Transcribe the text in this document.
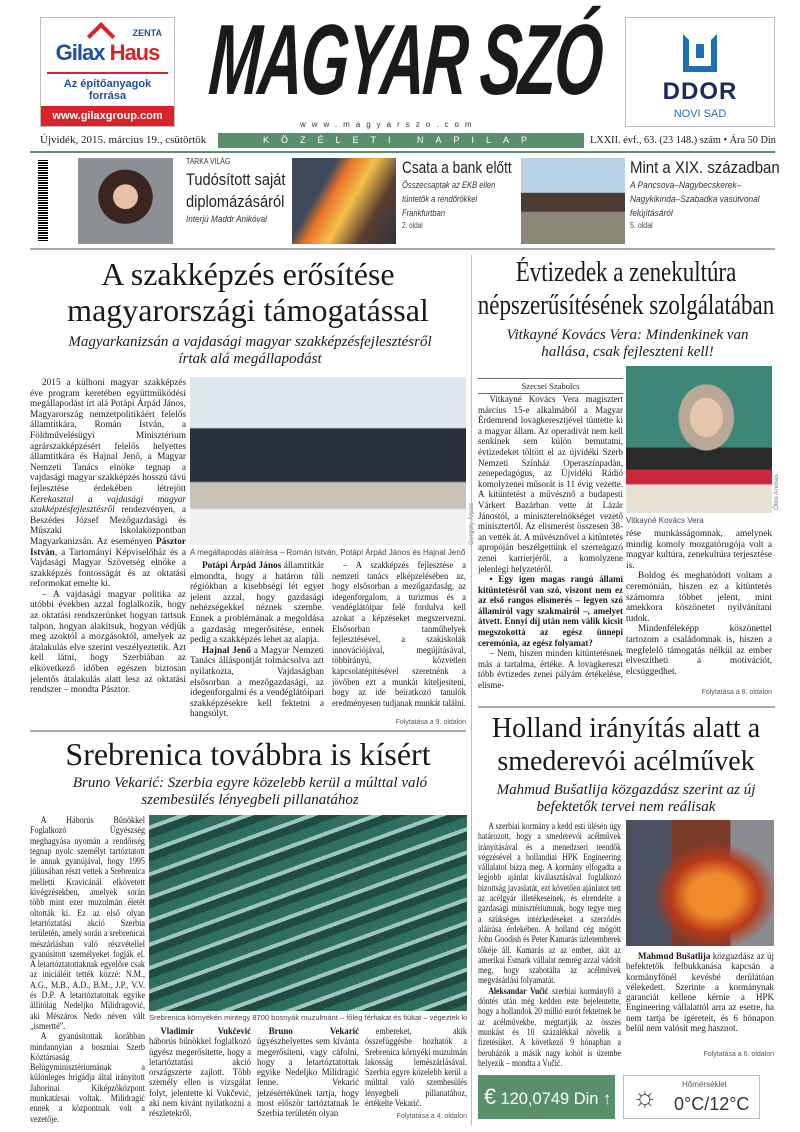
ZENTA
Gilax Haus
Az építőanyagok forrása
www.gilaxgroup.com MAGYAR SZÓ	DDOR
NOVI SAD
www.magyarszo.com
Újvidék, 2015. március 19., csütörtök	KÖZÉLETI NAPILAP	LXXII. évf., 63. (23 148.) szám • Ára 50 Din
TARKA VILÁG
Tudósított saját diplomázásáról
Interjú Maddr Anikóval
Csata a bank előtt
Összecsaptak az EKB ellen tüntetők a rendőrökkel Frankfurtban
2. oldal
Mint a XIX. században
A Pancsova–Nagybecskerek–Nagykikinda–Szabadka vasútvonal felújításáról
5. oldal
A szakképzés erősítése magyarországi támogatással
Magyarkanizsán a vajdasági magyar szakképzésfejlesztésről írtak alá megállapodást

2015 a külhoni magyar szakképzés éve program keretében együttműködési megállapodást írt alá Potápi Árpád János, Magyarország nemzetpolitikáért felelős államtitkára, Román István, a Földművelésügyi Minisztérium agrárszakképzésért felelős helyettes államtitkára és Hajnal Jenő, a Magyar Nemzeti Tanács elnöke tegnap a vajdasági magyar szakképzés hosszú távú fejlesztése érdekében létrejött Kerekasztal a vajdasági magyar szakképzésfejlesztésről rendezvényen, a Beszédes József Mezőgazdasági és Műszaki Iskolaközpontban Magyarkanizsán. Az eseményen Pásztor István, a Tartományi Képviselőház és a Vajdasági Magyar Szövetség elnöke a szakképzés fontosságát és az oktatási reformokat emelte ki.

– A vajdasági magyar politika az utóbbi években azzal foglalkozik, hogy az oktatási rendszerünket hogyan tartsuk talpon, hogyan alakítsuk, hogyan védjük meg azoktól a mozgásoktól, amelyek az átalakulás elve szerint veszélyeztetik. Azt kell látni, hogy Szerbiában az elkövetkező időben egészen biztosan jelentős átalakulás alatt lesz az oktatási rendszer – mondta Pásztor.

A megállapodás aláírása – Román István, Potápi Árpád János és Hajnal Jenő
Gergely Árpád

Potápi Árpád János államtitkár elmondta, hogy a határon túli régiókban a kisebbségi lét egyet jelent azzal, hogy gazdasági nehézségekkel néznek szembe. Ennek a problémának a megoldása a gazdaság megerősítése, ennek pedig a szakképzés lehet az alapja.

Hajnal Jenő a Magyar Nemzeti Tanács álláspontját tolmácsolva azt nyilatkozta, Vajdaságban elsősorban a mezőgazdasági, az idegenforgalmi és a vendéglátóipari szakképzésekre kell fektetni a hangsúlyt.

– A szakképzés fejlesztése a nemzeti tanács elképzelésében az, hogy elsősorban a mezőgazdaság, az idegenforgalom, a turizmus és a vendéglátóipar felé fordulva kell azokat a képzéseket megszervezni. Elsősorban tanműhelyek fejlesztésével, a szakiskolák innovációjával, megújításával, többirányú, közvetlen kapcsolatépítésével szeretnénk a jövőben ezt a munkát kiteljesíteni, hogy az ide beiratkozó tanulók eredményesen tudjanak munkát találni.

Folytatása a 9. oldalon
Évtizedek a zenekultúra népszerűsítésének szolgálatában
Vitkayné Kovács Vera: Mindenkinek van hallása, csak fejleszteni kell!
Szecsei Szabolcs

Vitkayné Kovács Vera magisztert március 15-e alkalmából a Magyar Érdemrend lovagkeresztjével tüntette ki a magyar állam. Az operadivát nem kell senkinek sem külön bemutatni, évtizedeket töltött el az újvidéki Szerb Nemzeti Színház Operaszínpadán, zenepedagógus, az Újvidéki Rádió komolyzenei műsorát is 11 évig vezette. A kitüntetést a művésznő a budapesti Várkert Bazárban vette át Lázár Jánostól, a miniszterelnökséget vezető minisztertől. Az elismerést összesen 38-an vették át. A művésznővel a kitüntetés apropóján beszélgettünk el szerteágazó zenei karrierjéről, a komolyzene jelenlegi helyzetéről.

• Egy igen magas rangú állami kitüntetésről van szó, viszont nem ez az első rangos elismerés – legyen szó államiról vagy szakmairól –, amelyet átvett. Ennyi díj után nem válik kicsit megszokottá az egész ünnepi ceremónia, az egész folyamat?

– Nem, hiszen minden kitüntetésnek más a tartalma, értéke. A lovagkereszt több évtizedes zenei pályám értékelése, elisme-

Ótos András
Vitkayné Kovács Vera

rése munkásságomnak, amelynek mindig komoly mozgatórugója volt a magyar kultúra, zenekultúra terjesztése is.

Boldog és meghatódott voltam a ceremónián, hiszen ez a kitüntetés számomra többet jelent, mint amekkora köszönetet nyilvánítani tudok.

Mindenféleképp köszönettel tartozom a családomnak is, hiszen a megfelelő támogatás nélkül az ember elveszítheti a motivációt, elcsüggedhet.

Folytatása a 8. oldalon
Srebrenica továbbra is kísért
Bruno Vekarić: Szerbia egyre közelebb kerül a múlttal való szembesülés lényegbeli pillanatához

A Háborús Bűnökkel Foglalkozó Ügyészség meghagyása nyomán a rendőrség tegnap nyolc személyt tartóztatott le annak gyanújával, hogy 1995 júliusában részt vettek a Srebrenica melletti Kravicánál elkövetett kivégzésekben, amelyek során több mint ezer muzulmán életét oltották ki. Ez az első olyan letartóztatási akció Szerbia területén, amely során a srebrenicai mészárlásban való részvétellel gyanúsított személyeket fogják el. A letartóztatottaknak egyelőre csak az iniciáléit tették közzé: N.M., A.G., M.B., A.D., B.M., J.P., V.V. és D.P. A letartóztatottak egyike állítólag Nedeljko Milidragović, aki Mészáros Nedo néven vált „ismertté”.

A gyanúsítottak korábban mindannyian a boszniai Szerb Köztársaság Belügyminisztériumának a különleges brigádja által irányított Jahorinai Kiképzőközpont munkatársai voltak. Milidragić ennek a központnak volt a vezetője.

Srebrenica környékén mintegy 8700 bosnyák muzulmánt – főleg férfiakat és fiúkat – végeztek ki

Vladimir Vukčević háborús bűnökkel foglalkozó ügyész megerősítette, hogy a letartóztatási akció országszerte zajlott. Több személy ellen is vizsgálat folyt, jelentette ki Vukčević, aki nem kívánt nyilatkozni a részletekről.

Bruno Vekarić ügyészhelyettes sem kívánta megerősíteni, vagy cáfolni, hogy a letartóztatottak egyike Nedeljko Milidragić lenne. Vekarić jelzésértékűnek tartja, hogy most először tartóztatnak le Szerbia területén olyan

embereket, akik összefüggésbe hozhatók a Srebrenica környéki muzulmán lakosság lemészárlásával. Szerbia egyre közelebb kerül a múlttal való szembesülés lényegbeli pillanatához, értékelte Vekarić.

Folytatása a 4. oldalon
Holland irányítás alatt a smederevói acélművek
Mahmud Bušatlija közgazdász szerint az új befektetők tervei nem reálisak

A szerbiai kormány a kedd esti ülésén úgy határozott, hogy a smederevói acélművek irányításával és a menedzseri teendők végzésével a hollandiai HPK Engineering vállalatot bízza meg. A kormány elfogadta a legjobb ajánlat kiválasztásával foglalkozó bizottság javaslatát, ezt követően ajánlatot tett az acélgyár illetékeseinek, és elrendelte a gazdasági minisztériumnak, hogy tegye meg a szükséges intézkedéseket a szerződés aláírása érdekében. A holland cég mögött John Goodish és Peter Kamarás üzletemberek tőkéje áll. Kamarás az az ember, akit az amerikai Esmark vállalat nemrég azzal vádolt meg, hogy szabotálta az acélművek megvásárlási folyamatát.

Aleksandar Vučić szerbiai kormányfő a döntés után még kedden este bejelentette, hogy a hollandok 20 millió eurót fektetnek be az acélművekbe, megtartják az összes munkást és 10 százalékkal növelik a fizetésüket. A következő 9 hónapban a beruházók a másik nagy kohót is üzembe helyezik – mondta a Vučić.

Mahmud Bušatlija közgazdász az új befektetők felbukkanása kapcsán a kormányfőnél kevésbé derűlátóan vélekedett. Szerinte a kormánynak garanciát kellene kérnie a HPK Engineering vállalattól arra az esetre, ha nem tartja be ígéreteit, és 6 hónapon belül nem valósít meg hasznot.

Folytatása a 6. oldalon
€ 120,0749 Din ↑ ☼	Hőmérséklet
0°C/12°C
